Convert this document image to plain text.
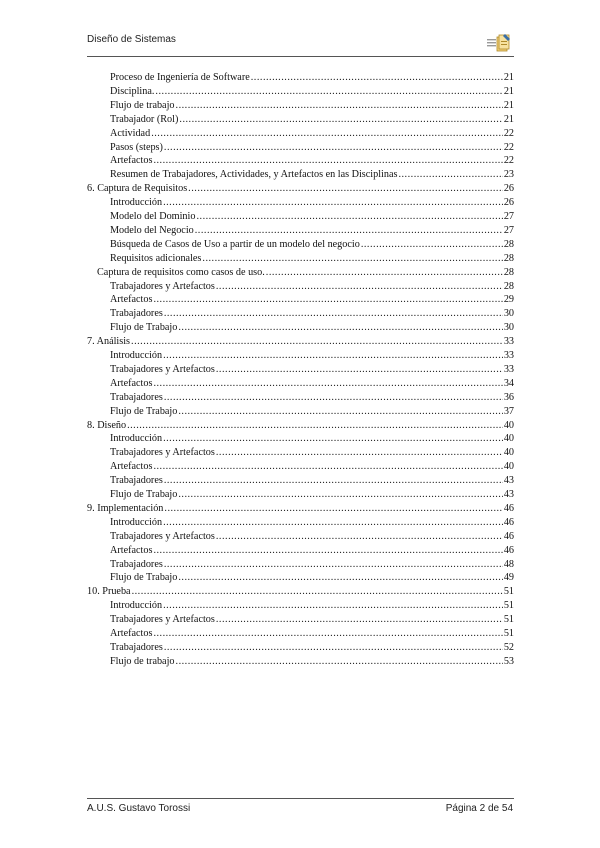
Diseño de Sistemas
Proceso de Ingeniería de Software .....	21
Disciplina. .....	21
Flujo de trabajo .....	21
Trabajador (Rol) .....	21
Actividad .....	22
Pasos (steps) .....	22
Artefactos .....	22
Resumen de Trabajadores, Actividades, y Artefactos en las Disciplinas .....	23
6. Captura de Requisitos .....	26
Introducción .....	26
Modelo del Dominio .....	27
Modelo del Negocio .....	27
Búsqueda de Casos de Uso a partir de un modelo del negocio .....	28
Requisitos adicionales .....	28
Captura de requisitos como casos de uso. .....	28
Trabajadores y Artefactos .....	28
Artefactos .....	29
Trabajadores .....	30
Flujo de Trabajo .....	30
7. Análisis .....	33
Introducción .....	33
Trabajadores y Artefactos .....	33
Artefactos .....	34
Trabajadores .....	36
Flujo de Trabajo .....	37
8. Diseño .....	40
Introducción .....	40
Trabajadores y Artefactos .....	40
Artefactos .....	40
Trabajadores .....	43
Flujo de Trabajo .....	43
9. Implementación .....	46
Introducción .....	46
Trabajadores y Artefactos .....	46
Artefactos .....	46
Trabajadores .....	48
Flujo de Trabajo .....	49
10. Prueba .....	51
Introducción .....	51
Trabajadores y Artefactos .....	51
Artefactos .....	51
Trabajadores .....	52
Flujo de trabajo .....	53
A.U.S. Gustavo Torossi	Página 2 de 54
